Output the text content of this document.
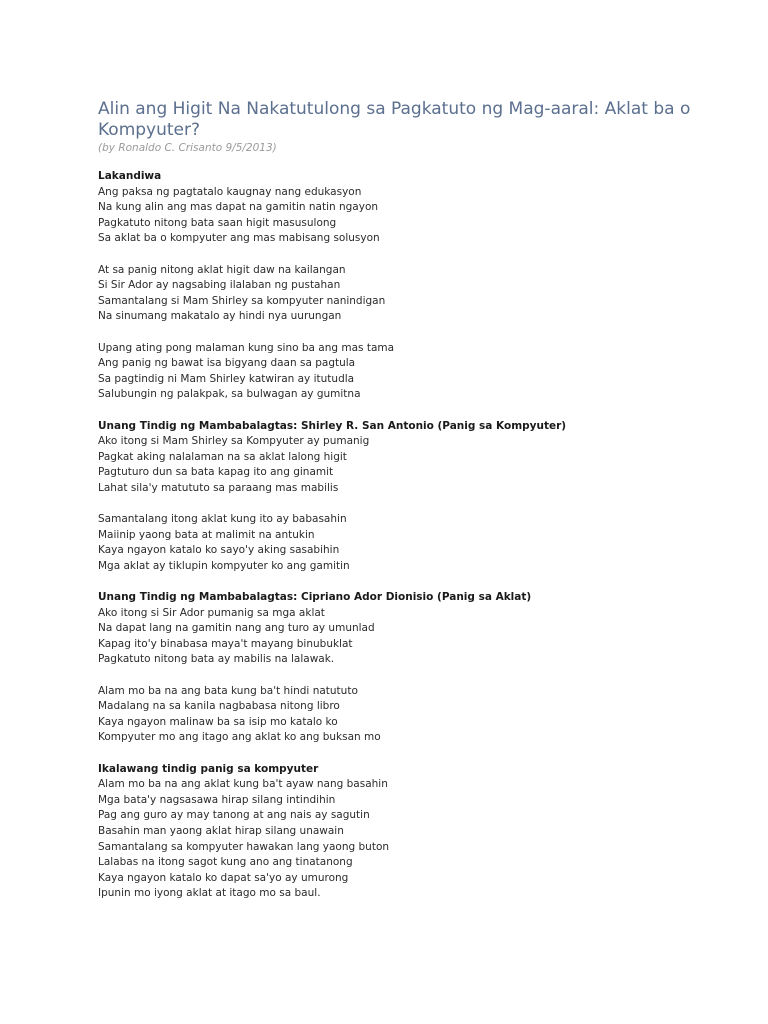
Alin ang Higit Na Nakatutulong sa Pagkatuto ng Mag-aaral: Aklat ba o Kompyuter?
(by Ronaldo C. Crisanto 9/5/2013)
Lakandiwa
Ang paksa ng pagtatalo kaugnay nang edukasyon
Na kung alin ang mas dapat na gamitin natin ngayon
Pagkatuto nitong bata saan higit masusulong
Sa aklat ba o kompyuter ang mas mabisang solusyon
At sa panig nitong aklat higit daw na kailangan
Si Sir Ador ay nagsabing ilalaban ng pustahan
Samantalang si Mam Shirley sa kompyuter nanindigan
Na sinumang makatalo ay hindi nya uurungan
Upang ating pong malaman kung sino ba ang mas tama
Ang panig ng bawat isa bigyang daan sa pagtula
Sa pagtindig ni Mam Shirley katwiran ay itutudla
Salubungin ng palakpak, sa bulwagan ay gumitna
Unang Tindig ng Mambabalagtas: Shirley R. San Antonio (Panig sa Kompyuter)
Ako itong si Mam Shirley sa Kompyuter ay pumanig
Pagkat aking nalalaman na sa aklat lalong higit
Pagtuturo dun sa bata kapag ito ang ginamit
Lahat sila'y matututo sa paraang mas mabilis
Samantalang itong aklat kung ito ay babasahin
Maiinip yaong bata at malimit na antukin
Kaya ngayon katalo ko sayo'y aking sasabihin
Mga aklat ay tiklupin kompyuter ko ang gamitin
Unang Tindig ng Mambabalagtas: Cipriano Ador Dionisio (Panig sa Aklat)
Ako itong si Sir Ador pumanig sa mga aklat
Na dapat lang na gamitin nang ang turo ay umunlad
Kapag ito'y binabasa maya't mayang binubuklat
Pagkatuto nitong bata ay mabilis na lalawak.
Alam mo ba na ang bata kung ba't hindi natututo
Madalang na sa kanila nagbabasa nitong libro
Kaya ngayon malinaw ba sa isip mo katalo ko
Kompyuter mo ang itago ang aklat ko ang buksan mo
Ikalawang tindig panig sa kompyuter
Alam mo ba na ang aklat kung ba't ayaw nang basahin
Mga bata'y nagsasawa hirap silang intindihin
Pag ang guro ay may tanong at ang nais ay sagutin
Basahin man yaong aklat hirap silang unawain
Samantalang sa kompyuter hawakan lang yaong buton
Lalabas na itong sagot kung ano ang tinatanong
Kaya ngayon katalo ko dapat sa'yo ay umurong
Ipunin mo iyong aklat at itago mo sa baul.
